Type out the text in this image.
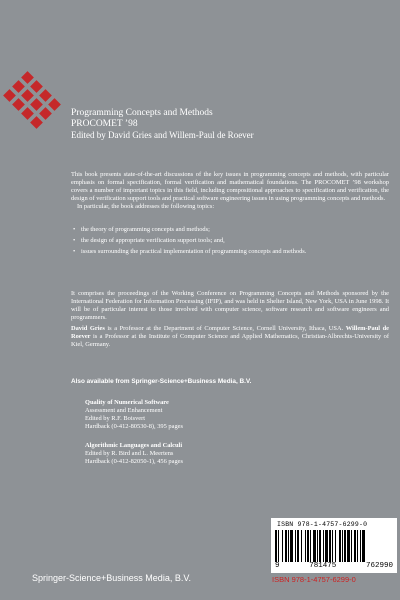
Programming Concepts and Methods
PROCOMET ’98
Edited by David Gries and Willem-Paul de Roever
This book presents state-of-the-art discussions of the key issues in programming concepts and methods, with particular emphasis on formal specification, formal verification and mathematical foundations. The PROCOMET ’98 workshop covers a number of important topics in this field, including compositional approaches to specification and verification, the design of verification support tools and practical software engineering issues in using programming concepts and methods.
In particular, the book addresses the following topics:
• the theory of programming concepts and methods;
• the design of appropriate verification support tools; and,
• issues surrounding the practical implementation of programming concepts and methods.
It comprises the proceedings of the Working Conference on Programming Concepts and Methods sponsored by the International Federation for Information Processing (IFIP), and was held in Shelter Island, New York, USA in June 1998. It will be of particular interest to those involved with computer science, software research and software engineers and programmers.
David Gries is a Professor at the Department of Computer Science, Cornell University, Ithaca, USA. Willem-Paul de Roever is a Professor at the Institute of Computer Science and Applied Mathematics, Christian-Albrechts-University of Kiel, Germany.
Also available from Springer-Science+Business Media, B.V.
Quality of Numerical Software
Assessment and Enhancement
Edited by R.F. Boisvert
Hardback (0-412-80530-8), 395 pages
Algorithmic Languages and Calculi
Edited by R. Bird and L. Meertens
Hardback (0-412-82050-1), 456 pages
ISBN 978-1-4757-6299-0
9	781475	762990
Springer-Science+Business Media, B.V.	ISBN 978-1-4757-6299-0
